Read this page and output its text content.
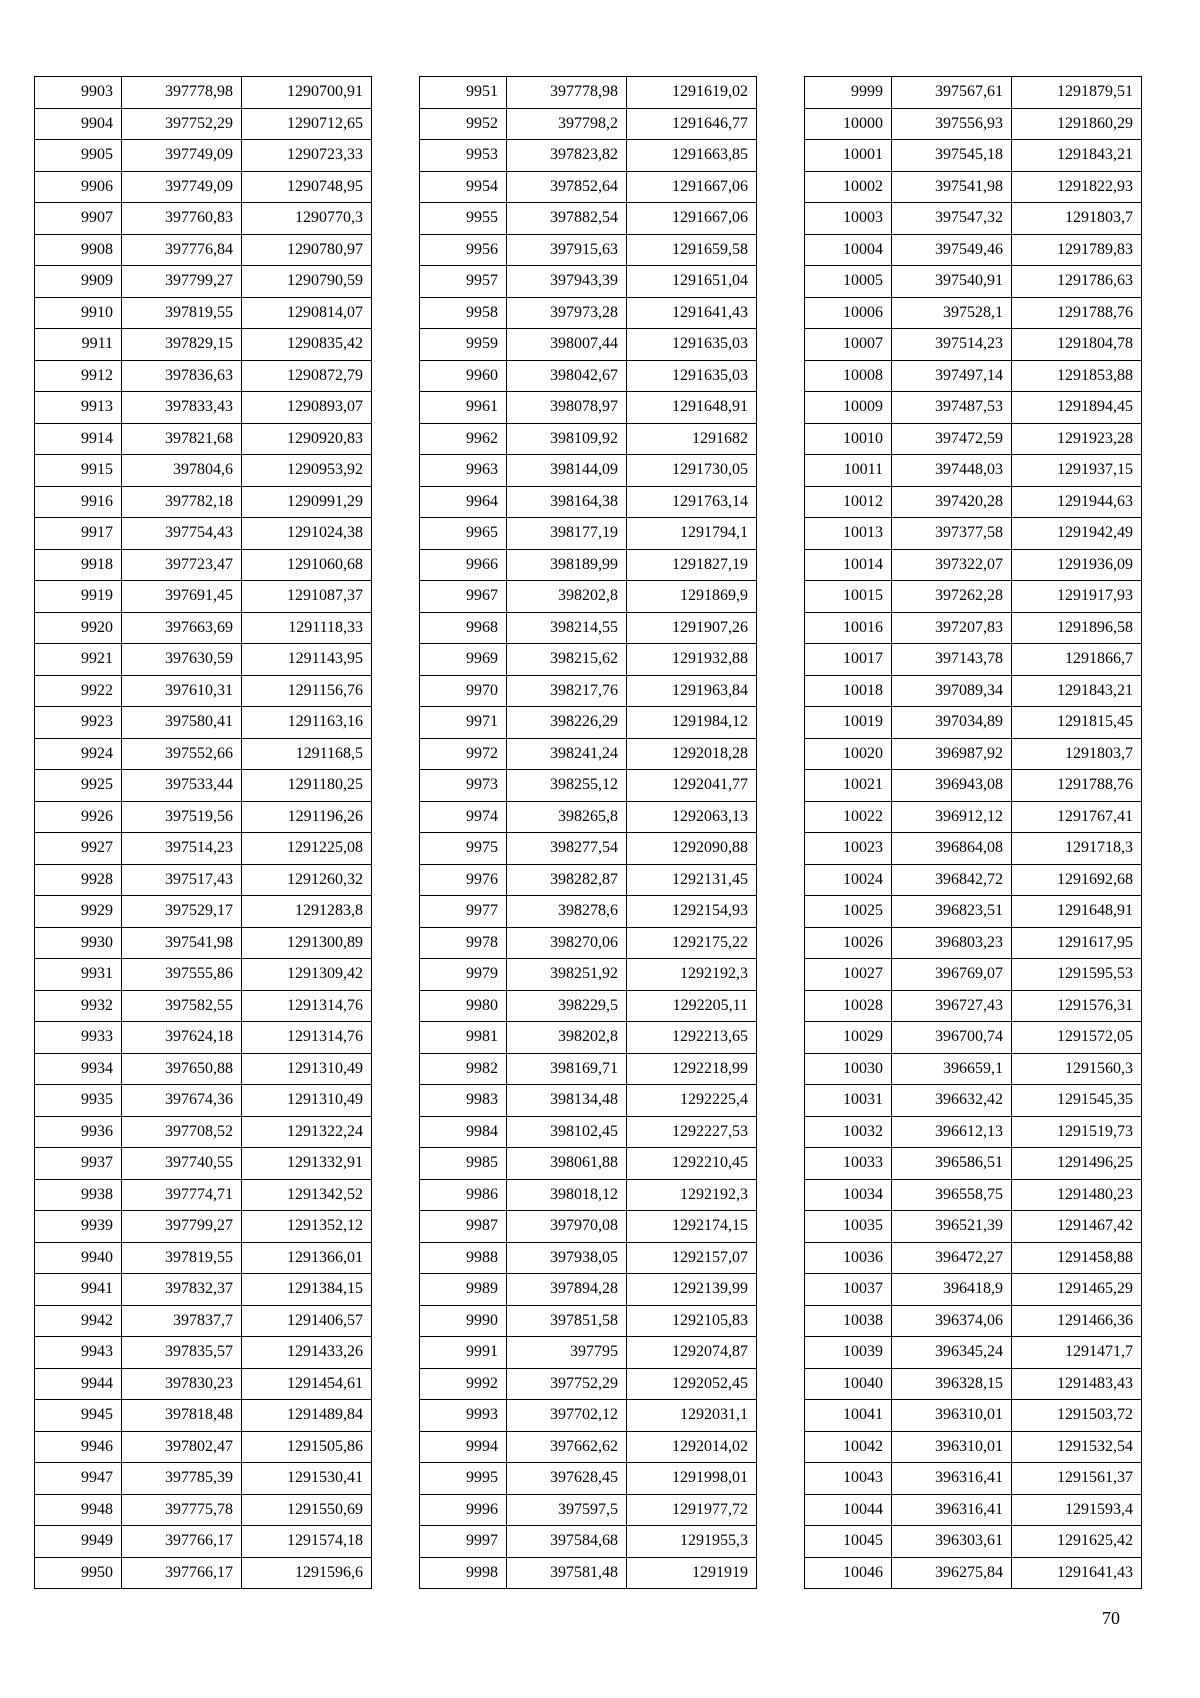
9903	397778,98	1290700,91
9904	397752,29	1290712,65
9905	397749,09	1290723,33
9906	397749,09	1290748,95
9907	397760,83	1290770,3
9908	397776,84	1290780,97
9909	397799,27	1290790,59
9910	397819,55	1290814,07
9911	397829,15	1290835,42
9912	397836,63	1290872,79
9913	397833,43	1290893,07
9914	397821,68	1290920,83
9915	397804,6	1290953,92
9916	397782,18	1290991,29
9917	397754,43	1291024,38
9918	397723,47	1291060,68
9919	397691,45	1291087,37
9920	397663,69	1291118,33
9921	397630,59	1291143,95
9922	397610,31	1291156,76
9923	397580,41	1291163,16
9924	397552,66	1291168,5
9925	397533,44	1291180,25
9926	397519,56	1291196,26
9927	397514,23	1291225,08
9928	397517,43	1291260,32
9929	397529,17	1291283,8
9930	397541,98	1291300,89
9931	397555,86	1291309,42
9932	397582,55	1291314,76
9933	397624,18	1291314,76
9934	397650,88	1291310,49
9935	397674,36	1291310,49
9936	397708,52	1291322,24
9937	397740,55	1291332,91
9938	397774,71	1291342,52
9939	397799,27	1291352,12
9940	397819,55	1291366,01
9941	397832,37	1291384,15
9942	397837,7	1291406,57
9943	397835,57	1291433,26
9944	397830,23	1291454,61
9945	397818,48	1291489,84
9946	397802,47	1291505,86
9947	397785,39	1291530,41
9948	397775,78	1291550,69
9949	397766,17	1291574,18
9950	397766,17	1291596,6
9951	397778,98	1291619,02
9952	397798,2	1291646,77
9953	397823,82	1291663,85
9954	397852,64	1291667,06
9955	397882,54	1291667,06
9956	397915,63	1291659,58
9957	397943,39	1291651,04
9958	397973,28	1291641,43
9959	398007,44	1291635,03
9960	398042,67	1291635,03
9961	398078,97	1291648,91
9962	398109,92	1291682
9963	398144,09	1291730,05
9964	398164,38	1291763,14
9965	398177,19	1291794,1
9966	398189,99	1291827,19
9967	398202,8	1291869,9
9968	398214,55	1291907,26
9969	398215,62	1291932,88
9970	398217,76	1291963,84
9971	398226,29	1291984,12
9972	398241,24	1292018,28
9973	398255,12	1292041,77
9974	398265,8	1292063,13
9975	398277,54	1292090,88
9976	398282,87	1292131,45
9977	398278,6	1292154,93
9978	398270,06	1292175,22
9979	398251,92	1292192,3
9980	398229,5	1292205,11
9981	398202,8	1292213,65
9982	398169,71	1292218,99
9983	398134,48	1292225,4
9984	398102,45	1292227,53
9985	398061,88	1292210,45
9986	398018,12	1292192,3
9987	397970,08	1292174,15
9988	397938,05	1292157,07
9989	397894,28	1292139,99
9990	397851,58	1292105,83
9991	397795	1292074,87
9992	397752,29	1292052,45
9993	397702,12	1292031,1
9994	397662,62	1292014,02
9995	397628,45	1291998,01
9996	397597,5	1291977,72
9997	397584,68	1291955,3
9998	397581,48	1291919
9999	397567,61	1291879,51
10000	397556,93	1291860,29
10001	397545,18	1291843,21
10002	397541,98	1291822,93
10003	397547,32	1291803,7
10004	397549,46	1291789,83
10005	397540,91	1291786,63
10006	397528,1	1291788,76
10007	397514,23	1291804,78
10008	397497,14	1291853,88
10009	397487,53	1291894,45
10010	397472,59	1291923,28
10011	397448,03	1291937,15
10012	397420,28	1291944,63
10013	397377,58	1291942,49
10014	397322,07	1291936,09
10015	397262,28	1291917,93
10016	397207,83	1291896,58
10017	397143,78	1291866,7
10018	397089,34	1291843,21
10019	397034,89	1291815,45
10020	396987,92	1291803,7
10021	396943,08	1291788,76
10022	396912,12	1291767,41
10023	396864,08	1291718,3
10024	396842,72	1291692,68
10025	396823,51	1291648,91
10026	396803,23	1291617,95
10027	396769,07	1291595,53
10028	396727,43	1291576,31
10029	396700,74	1291572,05
10030	396659,1	1291560,3
10031	396632,42	1291545,35
10032	396612,13	1291519,73
10033	396586,51	1291496,25
10034	396558,75	1291480,23
10035	396521,39	1291467,42
10036	396472,27	1291458,88
10037	396418,9	1291465,29
10038	396374,06	1291466,36
10039	396345,24	1291471,7
10040	396328,15	1291483,43
10041	396310,01	1291503,72
10042	396310,01	1291532,54
10043	396316,41	1291561,37
10044	396316,41	1291593,4
10045	396303,61	1291625,42
10046	396275,84	1291641,43
70
